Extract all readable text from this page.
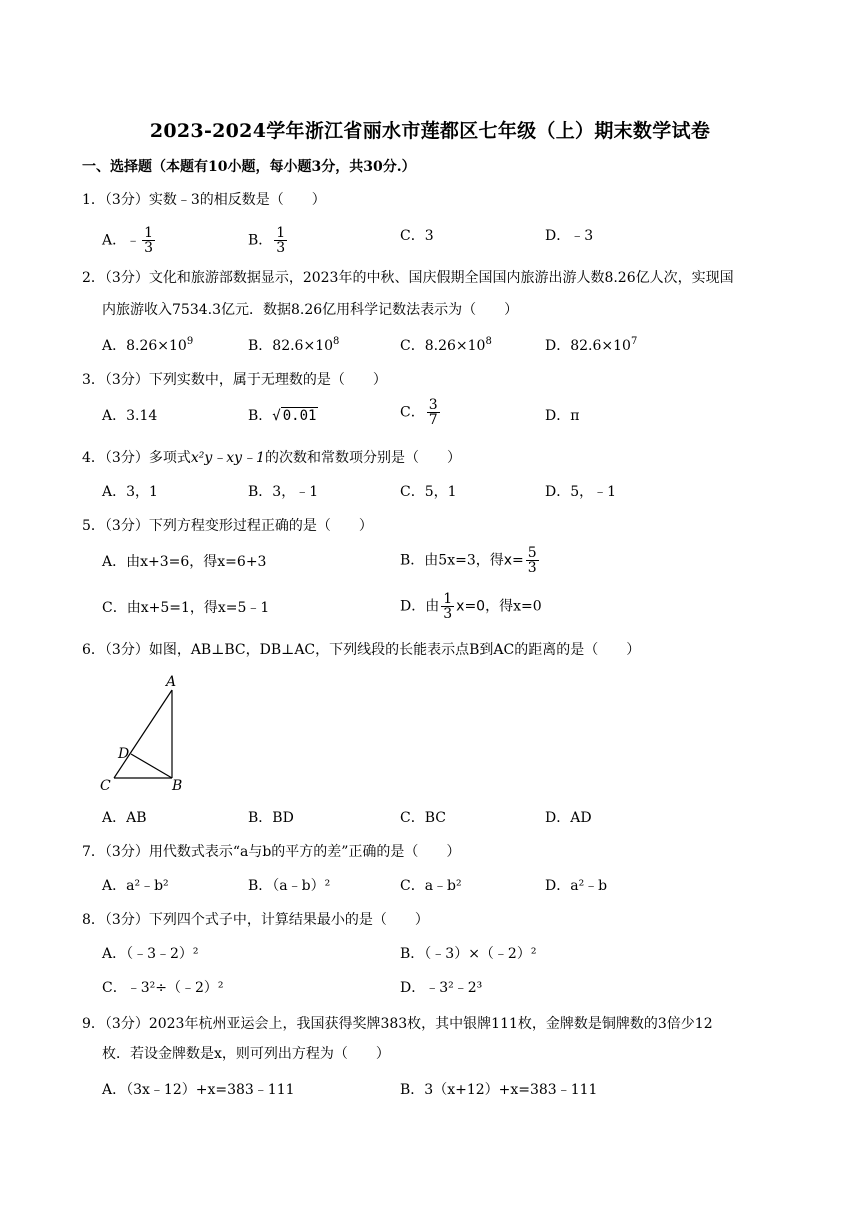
2023-2024学年浙江省丽水市莲都区七年级（上）期末数学试卷
一、选择题（本题有10小题，每小题3分，共30分.）
1．（3分）实数﹣3的相反数是（　　）
A．﹣ $\frac{1}{3}$	B． $\frac{1}{3}$	C．3	D．﹣3
2．（3分）文化和旅游部数据显示，2023年的中秋、国庆假期全国国内旅游出游人数8.26亿人次，实现国
内旅游收入7534.3亿元．数据8.26亿用科学记数法表示为（　　）
A．$8.26\times 10^9$	B．$82.6\times 10^8$	C．$8.26\times 10^8$	D．$82.6\times 10^7$
3．（3分）下列实数中，属于无理数的是（　　）
A．3.14	B．√ 0.01	C． $\frac{3}{7}$	D．π
4．（3分）多项式x²y﹣xy﹣1的次数和常数项分别是（　　）
A．3，1	B．3，﹣1	C．5，1	D．5，﹣1
5．（3分）下列方程变形过程正确的是（　　）
A．由x+3=6，得x=6+3	B．由5x=3，得$x= \frac{5}{3}$
C．由x+5=1，得x=5﹣1	D．由 $\frac{1}{3} x=0$，得x=0
6．（3分）如图，AB⊥BC，DB⊥AC，下列线段的长能表示点B到AC的距离的是（　　）
A
D
C	B
A．AB	B．BD	C．BC	D．AD
7．（3分）用代数式表示“a与b的平方的差”正确的是（　　）
A．a²﹣b²	B．（a﹣b）²	C．a﹣b²	D．a²﹣b
8．（3分）下列四个式子中，计算结果最小的是（　　）
A．（﹣3﹣2）²	B．（﹣3）×（﹣2）²
C．﹣3²÷（﹣2）²	D．﹣3²﹣2³
9．（3分）2023年杭州亚运会上，我国获得奖牌383枚，其中银牌111枚，金牌数是铜牌数的3倍少12
枚．若设金牌数是x，则可列出方程为（　　）
A．（3x﹣12）+x=383﹣111	B．3（x+12）+x=383﹣111
